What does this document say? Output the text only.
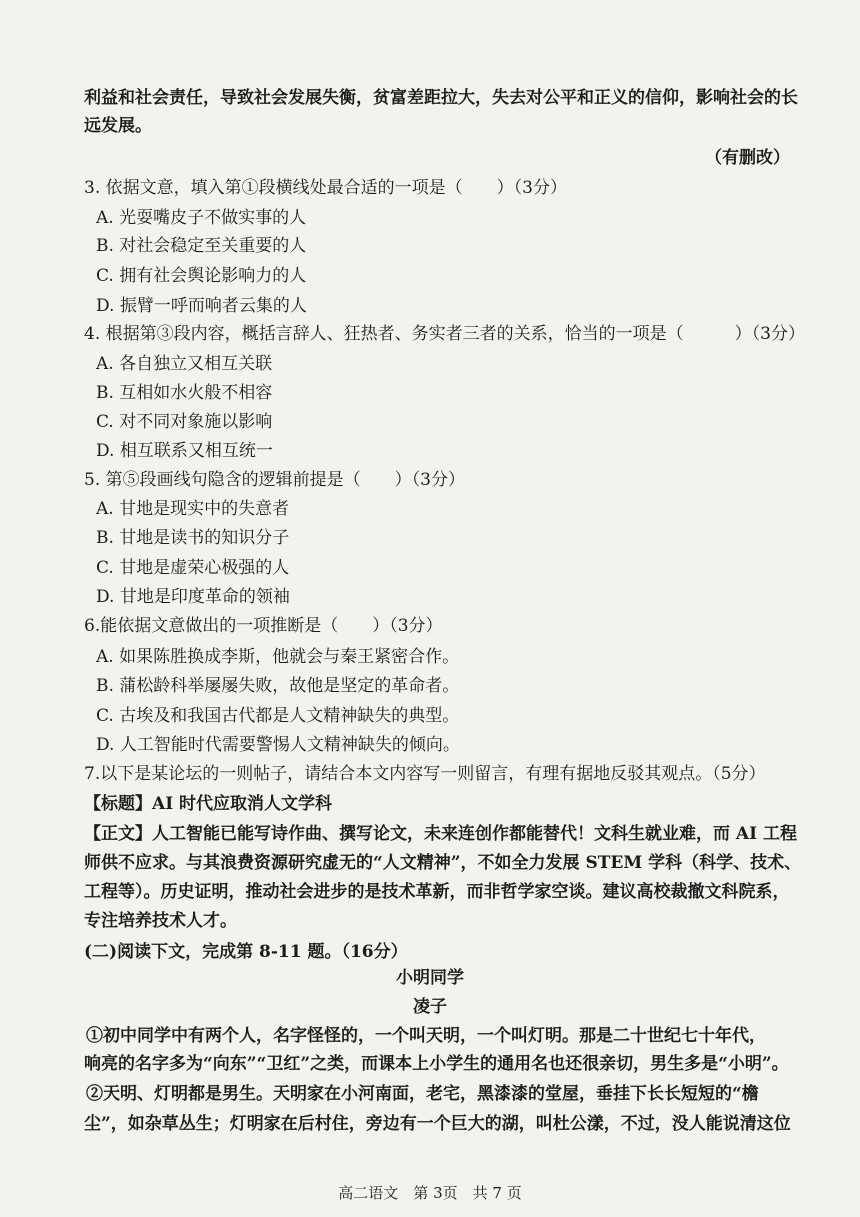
利益和社会责任，导致社会发展失衡，贫富差距拉大，失去对公平和正义的信仰，影响社会的长
远发展。
（有删改）
3. 依据文意，填入第①段横线处最合适的一项是（　　）（3分）
A. 光耍嘴皮子不做实事的人
B. 对社会稳定至关重要的人
C. 拥有社会舆论影响力的人
D. 振臂一呼而响者云集的人
4. 根据第③段内容，概括言辞人、狂热者、务实者三者的关系，恰当的一项是（　　　）（3分）
A. 各自独立又相互关联
B. 互相如水火般不相容
C. 对不同对象施以影响
D. 相互联系又相互统一
5. 第⑤段画线句隐含的逻辑前提是（　　）（3分）
A. 甘地是现实中的失意者
B. 甘地是读书的知识分子
C. 甘地是虚荣心极强的人
D. 甘地是印度革命的领袖
6.能依据文意做出的一项推断是（　　）（3分）
A. 如果陈胜换成李斯，他就会与秦王紧密合作。
B. 蒲松龄科举屡屡失败，故他是坚定的革命者。
C. 古埃及和我国古代都是人文精神缺失的典型。
D. 人工智能时代需要警惕人文精神缺失的倾向。
7.以下是某论坛的一则帖子，请结合本文内容写一则留言，有理有据地反驳其观点。（5分）
【标题】AI 时代应取消人文学科
【正文】人工智能已能写诗作曲、撰写论文，未来连创作都能替代！文科生就业难，而 AI 工程
师供不应求。与其浪费资源研究虚无的“人文精神”，不如全力发展 STEM 学科（科学、技术、
工程等）。历史证明，推动社会进步的是技术革新，而非哲学家空谈。建议高校裁撤文科院系，
专注培养技术人才。
(二)阅读下文，完成第 8-11 题。（16分）
小明同学
凌子
①初中同学中有两个人，名字怪怪的，一个叫天明，一个叫灯明。那是二十世纪七十年代，
响亮的名字多为“向东”“卫红”之类，而课本上小学生的通用名也还很亲切，男生多是“小明”。
②天明、灯明都是男生。天明家在小河南面，老宅，黑漆漆的堂屋，垂挂下长长短短的“檐
尘”，如杂草丛生；灯明家在后村住，旁边有一个巨大的湖，叫杜公漾，不过，没人能说清这位
高二语文　第 3页　共 7 页
